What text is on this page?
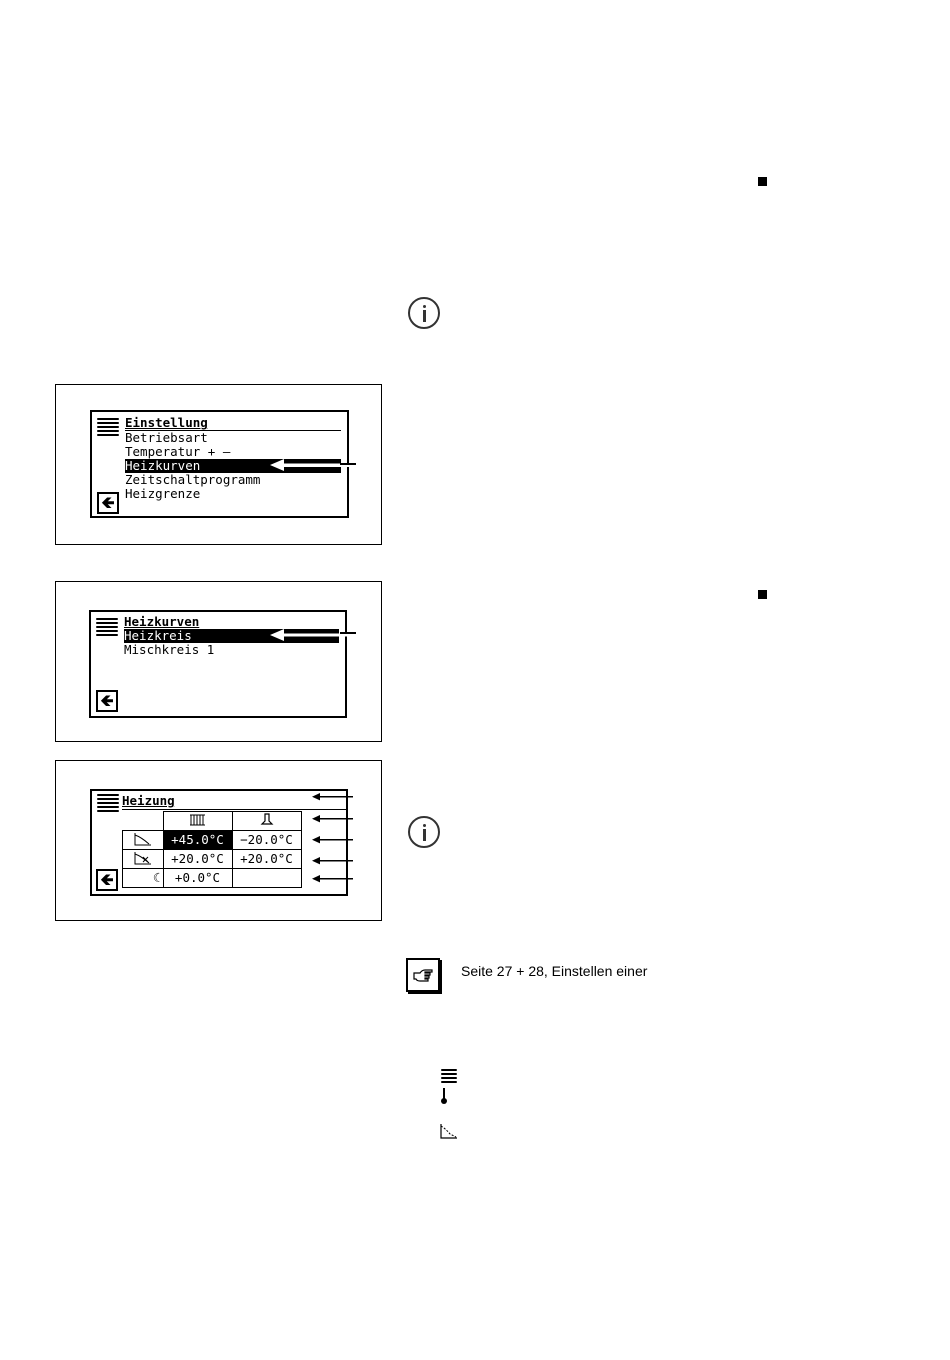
Seite 27 + 28, Einstellen einer
Einstellung
Betriebsart
Temperatur + –
Heizkurven
Zeitschaltprogramm
Heizgrenze
🡸
Heizkurven
Heizkreis
Mischkreis 1
🡸
Heizung

	+45.0°C	−20.0°C
	+20.0°C	+20.0°C
☾	+0.0°C	
🡸
